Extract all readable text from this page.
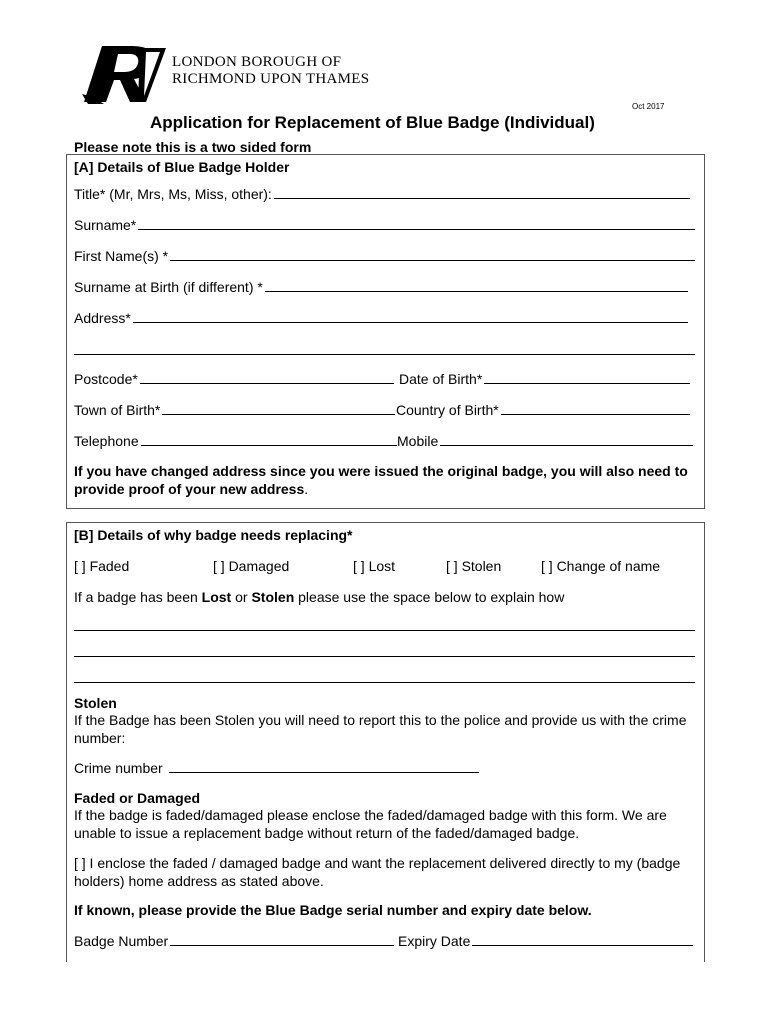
LONDON BOROUGH OF
RICHMOND UPON THAMES
Oct 2017
Application for Replacement of Blue Badge (Individual)
Please note this is a two sided form
[A] Details of Blue Badge Holder
Title* (Mr, Mrs, Ms, Miss, other):
Surname*
First Name(s) *
Surname at Birth (if different) *
Address*
Postcode*	Date of Birth*
Town of Birth*	Country of Birth*
Telephone	Mobile
If you have changed address since you were issued the original badge, you will also need to provide proof of your new address.
[B] Details of why badge needs replacing*
[ ] Faded	[ ] Damaged	[ ] Lost	[ ] Stolen	[ ] Change of name
If a badge has been Lost or Stolen please use the space below to explain how
Stolen
If the Badge has been Stolen you will need to report this to the police and provide us with the crime number:
Crime number
Faded or Damaged
If the badge is faded/damaged please enclose the faded/damaged badge with this form. We are unable to issue a replacement badge without return of the faded/damaged badge.
[ ] I enclose the faded / damaged badge and want the replacement delivered directly to my (badge holders) home address as stated above.
If known, please provide the Blue Badge serial number and expiry date below.
Badge Number	Expiry Date
